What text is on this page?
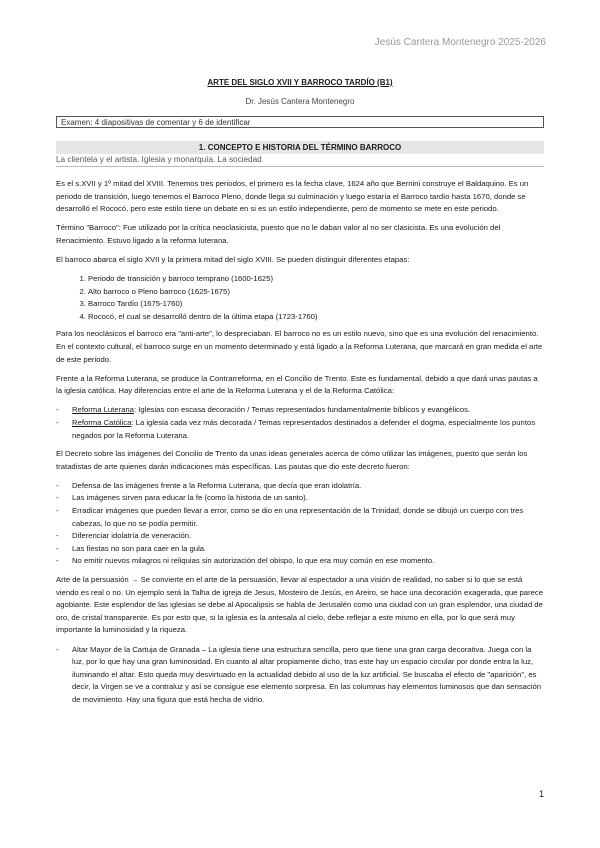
Jesús Cantera Montenegro 2025-2026
ARTE DEL SIGLO XVII Y BARROCO TARDÍO (B1)
Dr. Jesús Cantera Montenegro
Examen: 4 diapositivas de comentar y 6 de identificar
1. CONCEPTO E HISTORIA DEL TÉRMINO BARROCO
La clientela y el artista. Iglesia y monarquía. La sociedad

Es el s.XVII y 1º mitad del XVIII. Tenemos tres periodos, el primero es la fecha clave, 1624 año que Bernini construye el Baldaquino. Es un periodo de transición, luego tenemos el Barroco Pleno, donde llega su culminación y luego estaría el Barroco tardío hasta 1670, donde se desarrolló el Rococó, pero este estilo tiene un debate en si es un estilo independiente, pero de momento se mete en este periodo.

Término "Barroco": Fue utilizado por la crítica neoclasicista, puesto que no le daban valor al no ser clasicista. Es una evolución del Renacimiento. Estuvo ligado a la reforma luterana.

El barroco abarca el siglo XVII y la primera mitad del siglo XVIII. Se pueden distinguir diferentes etapas:

1. Periodo de transición y barroco temprano (1600-1625)
2. Alto barroco o Pleno barroco (1625-1675)
3. Barroco Tardío (1675-1760)
4. Rococó, el cual se desarrolló dentro de la última etapa (1723-1760)

Para los neoclásicos el barroco era "anti-arte", lo despreciaban. El barroco no es un estilo nuevo, sino que es una evolución del renacimiento. En el contexto cultural, el barroco surge en un momento determinado y está ligado a la Reforma Luterana, que marcará en gran medida el arte de este periodo.

Frente a la Reforma Luterana, se produce la Contrarreforma, en el Concilio de Trento. Este es fundamental, debido a que dará unas pautas a la iglesia católica. Hay diferencias entre el arte de la Reforma Luterana y el de la Reforma Católica:

- Reforma Luterana: Iglesias con escasa decoración / Temas representados fundamentalmente bíblicos y evangélicos.
- Reforma Católica: La iglesia cada vez más decorada / Temas representados destinados a defender el dogma, especialmente los puntos negados por la Reforma Luterana.

El Decreto sobre las imágenes del Concilio de Trento da unas ideas generales acerca de cómo utilizar las imágenes, puesto que serán los tratadistas de arte quienes darán indicaciones más específicas. Las pautas que dio este decreto fueron:

- Defensa de las imágenes frente a la Reforma Luterana, que decía que eran idolatría.
- Las imágenes sirven para educar la fe (como la historia de un santo).
- Erradicar imágenes que pueden llevar a error, como se dio en una representación de la Trinidad, donde se dibujó un cuerpo con tres cabezas, lo que no se podía permitir.
- Diferenciar idolatría de veneración.
- Las fiestas no son para caer en la gula.
- No emitir nuevos milagros ni reliquias sin autorización del obispo, lo que era muy común en ese momento.

Arte de la persuasión → Se convierte en el arte de la persuasión, llevar al espectador a una visión de realidad, no saber si lo que se está viendo es real o no. Un ejemplo será la Talha de igreja de Jesus, Mosteiro de Jesús, en Areiro, se hace una decoración exagerada, que parece agobiante. Este esplendor de las iglesias se debe al Apocalipsis se habla de Jerusalén como una ciudad con un gran esplendor, una ciudad de oro, de cristal transparente. Es por esto que, si la iglesia es la antesala al cielo, debe reflejar a este mismo en ella, por lo que será muy importante la luminosidad y la riqueza.

- Altar Mayor de la Cartuja de Granada – La iglesia tiene una estructura sencilla, pero que tiene una gran carga decorativa. Juega con la luz, por lo que hay una gran luminosidad. En cuanto al altar propiamente dicho, tras este hay un espacio circular por donde entra la luz, iluminando el altar. Esto queda muy desvirtuado en la actualidad debido al uso de la luz artificial. Se buscaba el efecto de "aparición", es decir, la Virgen se ve a contraluz y así se consigue ese elemento sorpresa. En las columnas hay elementos luminosos que dan sensación de movimiento. Hay una figura que está hecha de vidrio.
1
